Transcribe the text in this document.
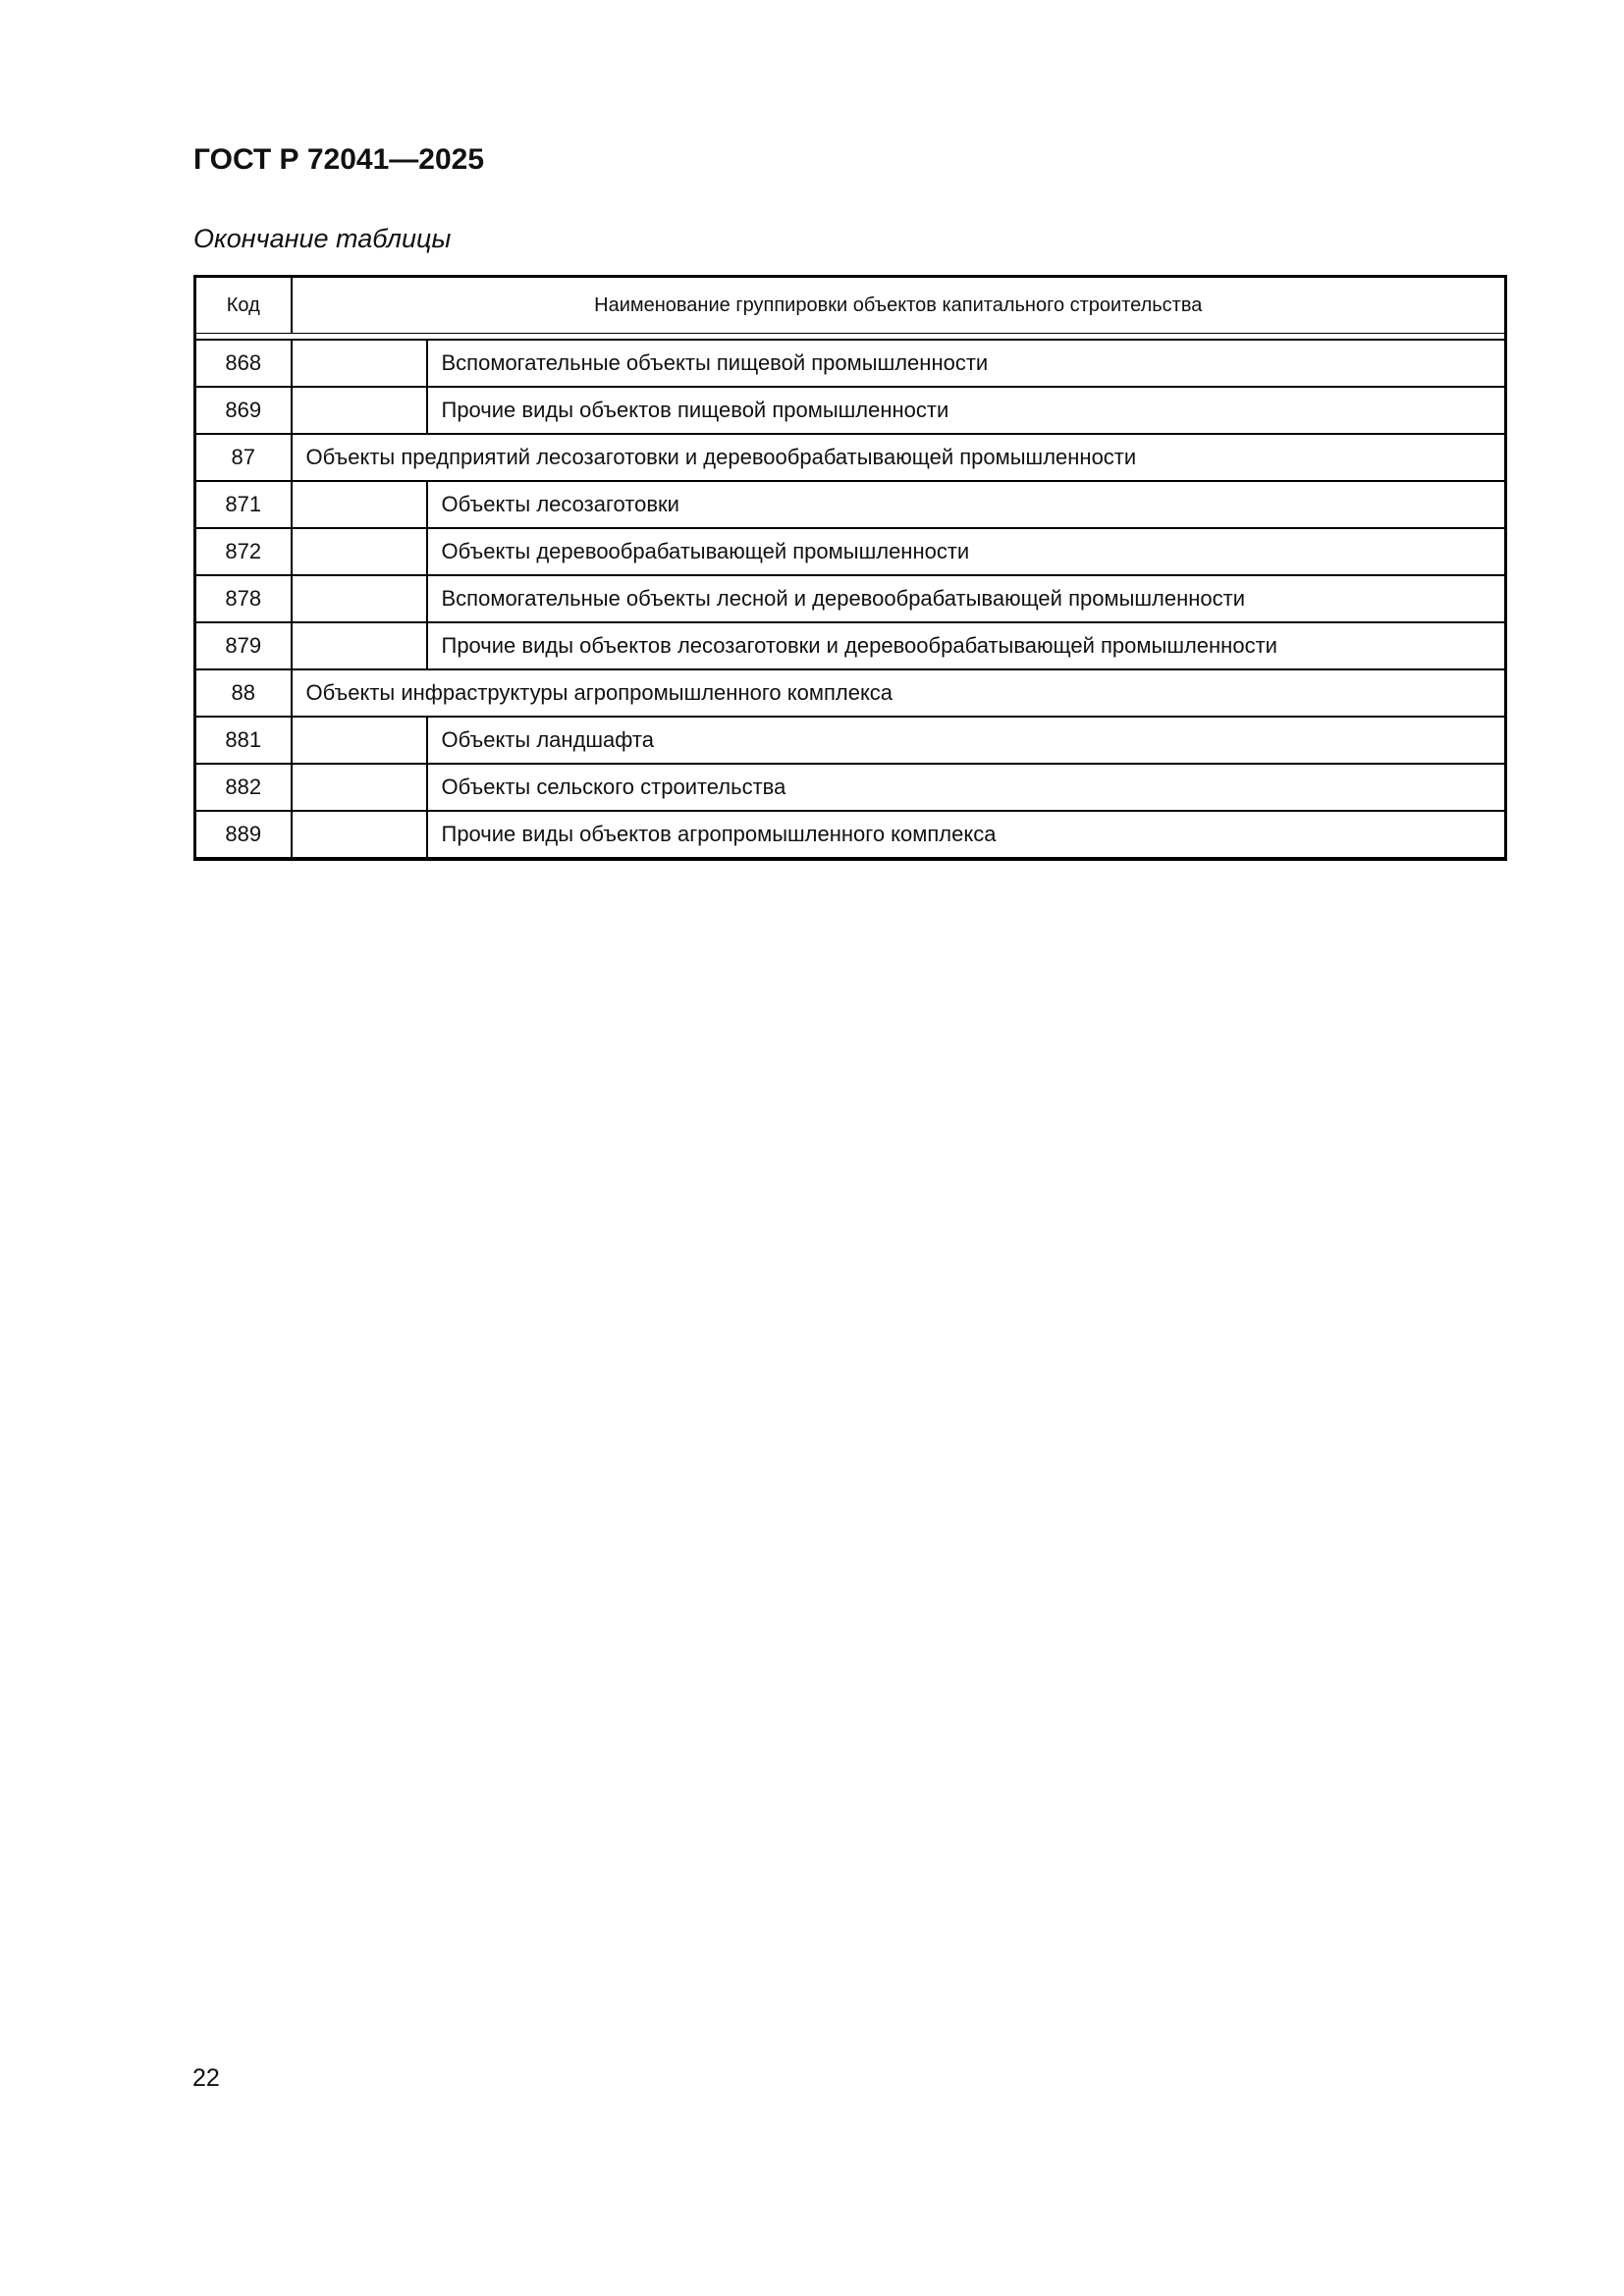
ГОСТ Р 72041—2025
Окончание таблицы
Код	Наименование группировки объектов капитального строительства	

868		Вспомогательные объекты пищевой промышленности
869		Прочие виды объектов пищевой промышленности
87	Объекты предприятий лесозаготовки и деревообрабатывающей промышленности	
871		Объекты лесозаготовки
872		Объекты деревообрабатывающей промышленности
878		Вспомогательные объекты лесной и деревообрабатывающей промышленности
879		Прочие виды объектов лесозаготовки и деревообрабатывающей промышленности
88	Объекты инфраструктуры агропромышленного комплекса	
881		Объекты ландшафта
882		Объекты сельского строительства
889		Прочие виды объектов агропромышленного комплекса
22
